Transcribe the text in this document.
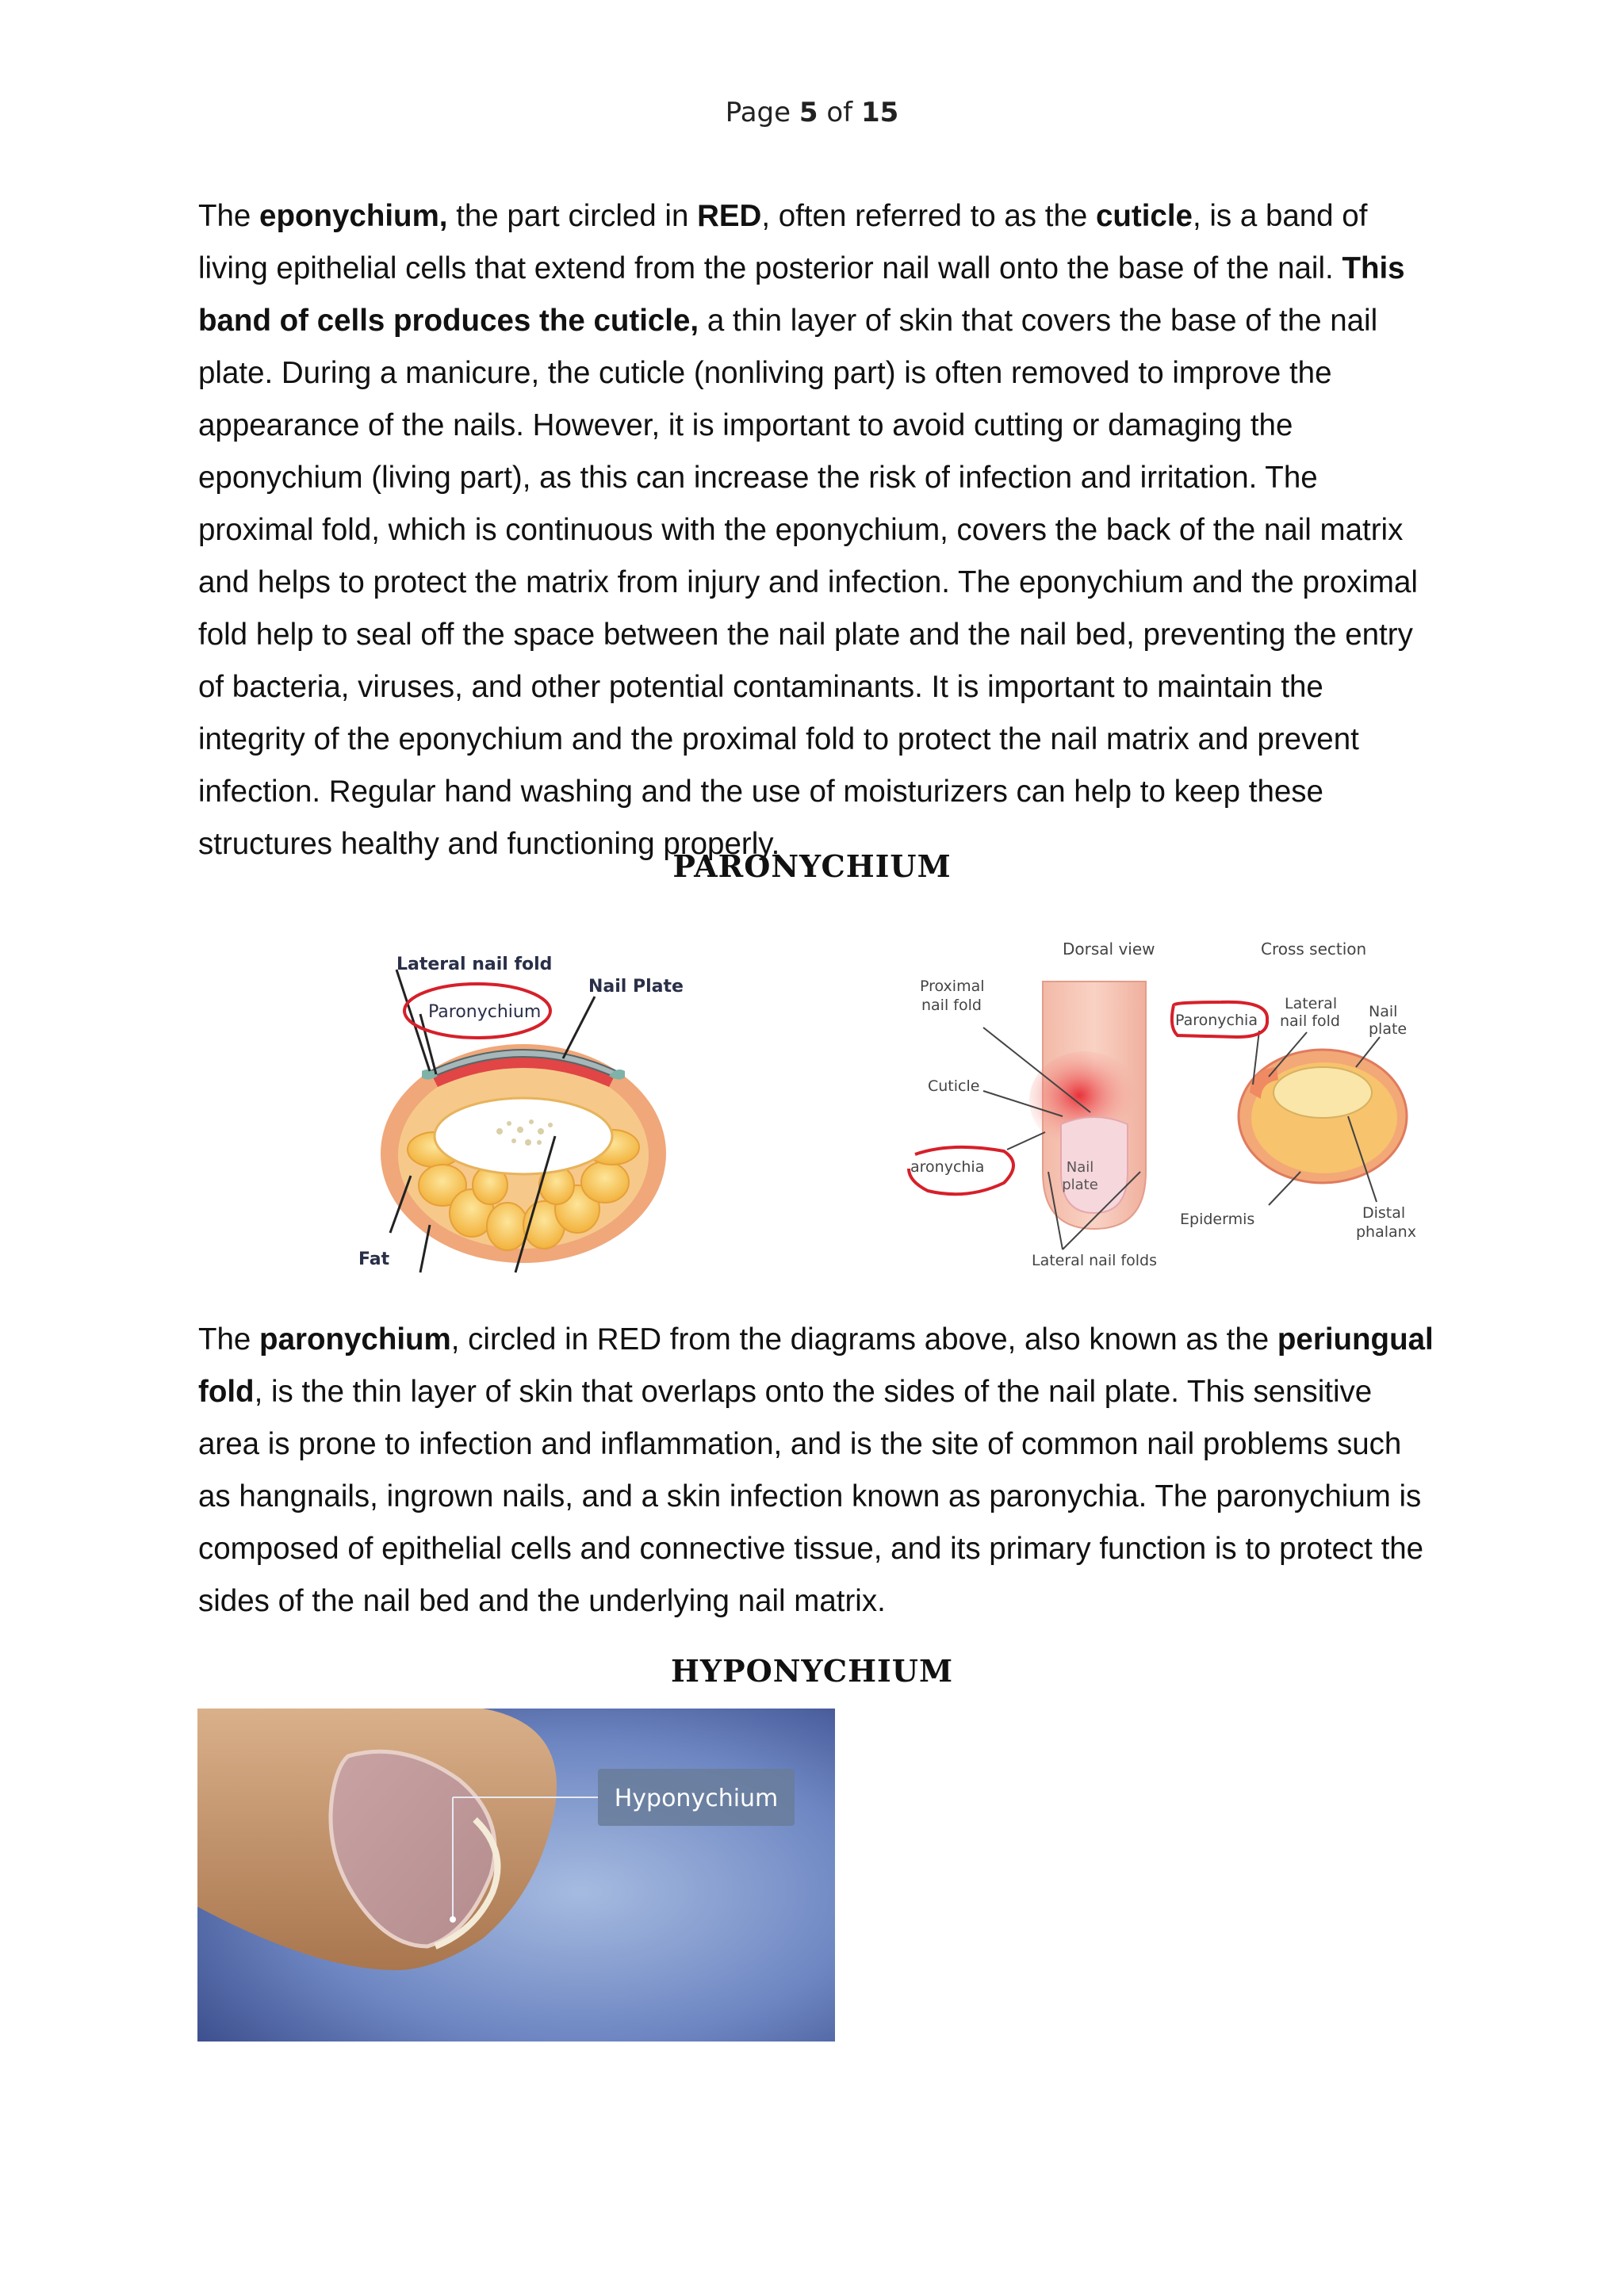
Page 5 of 15

The eponychium, the part circled in RED, often referred to as the cuticle, is a band of living epithelial cells that extend from the posterior nail wall onto the base of the nail. This band of cells produces the cuticle, a thin layer of skin that covers the base of the nail plate. During a manicure, the cuticle (nonliving part) is often removed to improve the appearance of the nails. However, it is important to avoid cutting or damaging the eponychium (living part), as this can increase the risk of infection and irritation. The proximal fold, which is continuous with the eponychium, covers the back of the nail matrix and helps to protect the matrix from injury and infection. The eponychium and the proximal fold help to seal off the space between the nail plate and the nail bed, preventing the entry of bacteria, viruses, and other potential contaminants. It is important to maintain the integrity of the eponychium and the proximal fold to protect the nail matrix and prevent infection. Regular hand washing and the use of moisturizers can help to keep these structures healthy and functioning properly.

PARONYCHIUM
Lateral nail fold
Paronychium
Nail Plate
Fat
Dorsal view	Cross section
Proximal
nail fold
Cuticle
aronychia	Nail
plate
Lateral nail folds
Paronychia
Lateral
nail fold
Nail
plate
Epidermis	Distal
phalanx

The paronychium, circled in RED from the diagrams above, also known as the periungual fold, is the thin layer of skin that overlaps onto the sides of the nail plate. This sensitive area is prone to infection and inflammation, and is the site of common nail problems such as hangnails, ingrown nails, and a skin infection known as paronychia. The paronychium is composed of epithelial cells and connective tissue, and its primary function is to protect the sides of the nail bed and the underlying nail matrix.

HYPONYCHIUM
Hyponychium
